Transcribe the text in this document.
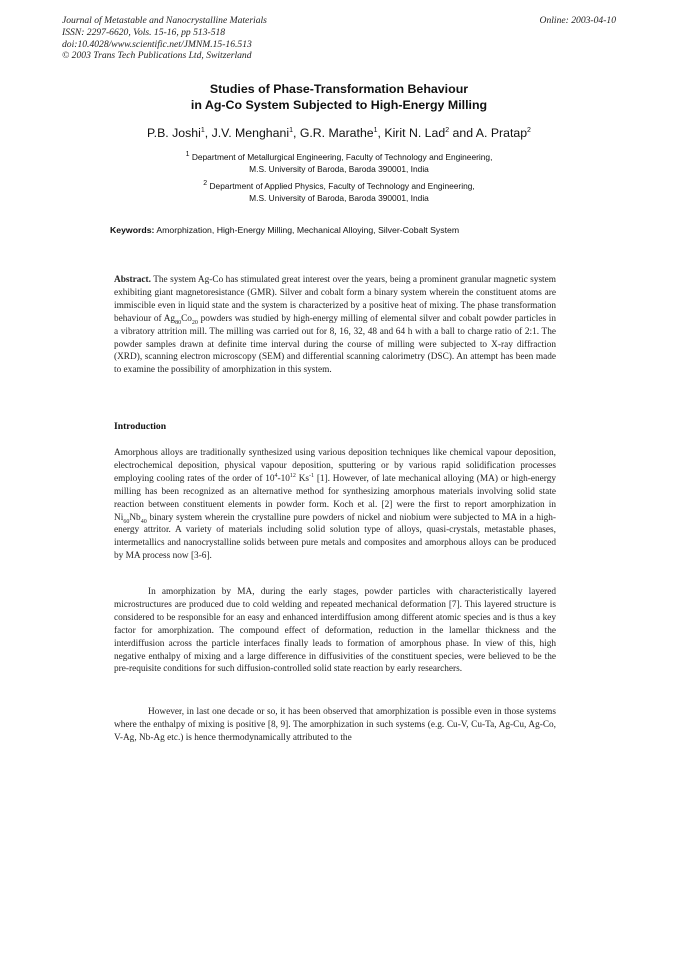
Journal of Metastable and Nanocrystalline Materials
ISSN: 2297-6620, Vols. 15-16, pp 513-518
doi:10.4028/www.scientific.net/JMNM.15-16.513
© 2003 Trans Tech Publications Ltd, Switzerland
Online: 2003-04-10
Studies of Phase-Transformation Behaviour
in Ag-Co System Subjected to High-Energy Milling
P.B. Joshi$^1$, J.V. Menghani$^1$, G.R. Marathe$^1$, Kirit N. Lad$^2$ and A. Pratap$^2$
$^1$ Department of Metallurgical Engineering, Faculty of Technology and Engineering,
M.S. University of Baroda, Baroda 390001, India
$^2$ Department of Applied Physics, Faculty of Technology and Engineering,
M.S. University of Baroda, Baroda 390001, India
Keywords: Amorphization, High-Energy Milling, Mechanical Alloying, Silver-Cobalt System
Abstract. The system Ag-Co has stimulated great interest over the years, being a prominent granular magnetic system exhibiting giant magnetoresistance (GMR). Silver and cobalt form a binary system wherein the constituent atoms are immiscible even in liquid state and the system is characterized by a positive heat of mixing. The phase transformation behaviour of $Ag_{80}Co_{20}$ powders was studied by high-energy milling of elemental silver and cobalt powder particles in a vibratory attrition mill. The milling was carried out for 8, 16, 32, 48 and 64 h with a ball to charge ratio of 2:1. The powder samples drawn at definite time interval during the course of milling were subjected to X-ray diffraction (XRD), scanning electron microscopy (SEM) and differential scanning calorimetry (DSC). An attempt has been made to examine the possibility of amorphization in this system.
Introduction
Amorphous alloys are traditionally synthesized using various deposition techniques like chemical vapour deposition, electrochemical deposition, physical vapour deposition, sputtering or by various rapid solidification processes employing cooling rates of the order of $10^4-10^{12}$ $Ks^{-1}$ [1]. However, of late mechanical alloying (MA) or high-energy milling has been recognized as an alternative method for synthesizing amorphous materials involving solid state reaction between constituent elements in powder form. Koch et al. [2] were the first to report amorphization in $Ni_{60}Nb_{40}$ binary system wherein the crystalline pure powders of nickel and niobium were subjected to MA in a high-energy attritor. A variety of materials including solid solution type of alloys, quasi-crystals, metastable phases, intermetallics and nanocrystalline solids between pure metals and composites and amorphous alloys can be produced by MA process now [3-6].
In amorphization by MA, during the early stages, powder particles with characteristically layered microstructures are produced due to cold welding and repeated mechanical deformation [7]. This layered structure is considered to be responsible for an easy and enhanced interdiffusion among different atomic species and is thus a key factor for amorphization. The compound effect of deformation, reduction in the lamellar thickness and the interdiffusion across the particle interfaces finally leads to formation of amorphous phase. In view of this, high negative enthalpy of mixing and a large difference in diffusivities of the constituent species, were believed to be the pre-requisite conditions for such diffusion-controlled solid state reaction by early researchers.
However, in last one decade or so, it has been observed that amorphization is possible even in those systems where the enthalpy of mixing is positive [8, 9]. The amorphization in such systems (e.g. Cu-V, Cu-Ta, Ag-Cu, Ag-Co, V-Ag, Nb-Ag etc.) is hence thermodynamically attributed to the
